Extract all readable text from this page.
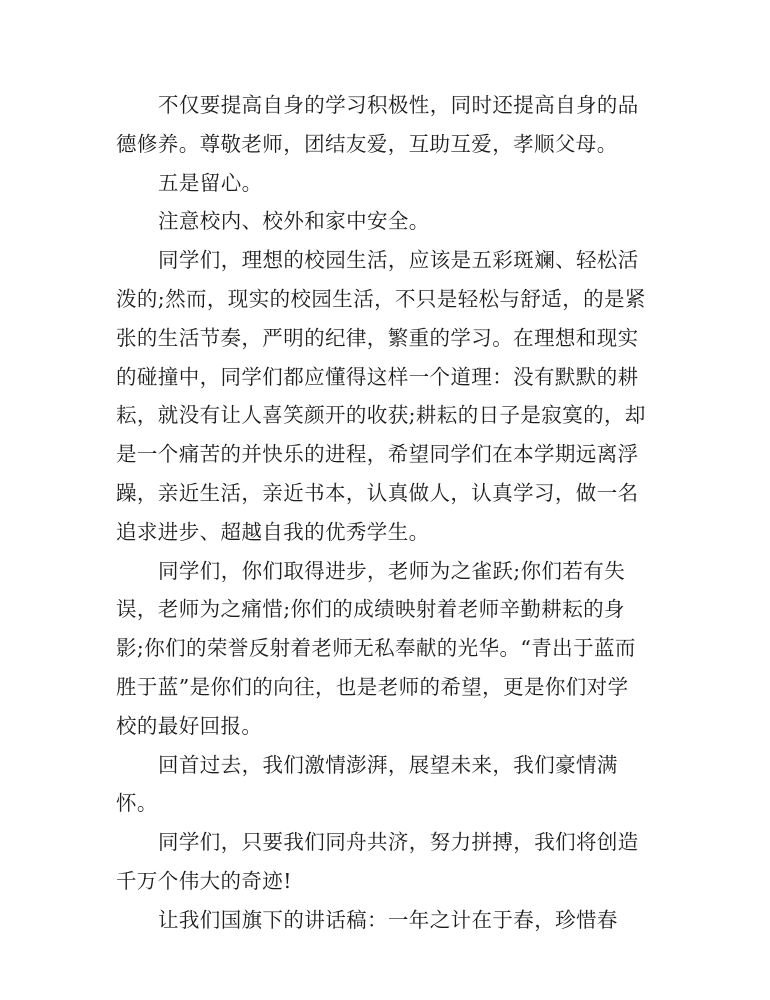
不仅要提高自身的学习积极性，同时还提高自身的品德修养。尊敬老师，团结友爱，互助互爱，孝顺父母。

五是留心。

注意校内、校外和家中安全。

同学们，理想的校园生活，应该是五彩斑斓、轻松活泼的;然而，现实的校园生活，不只是轻松与舒适，的是紧张的生活节奏，严明的纪律，繁重的学习。在理想和现实的碰撞中，同学们都应懂得这样一个道理：没有默默的耕耘，就没有让人喜笑颜开的收获;耕耘的日子是寂寞的，却是一个痛苦的并快乐的进程，希望同学们在本学期远离浮躁，亲近生活，亲近书本，认真做人，认真学习，做一名追求进步、超越自我的优秀学生。

同学们，你们取得进步，老师为之雀跃;你们若有失误，老师为之痛惜;你们的成绩映射着老师辛勤耕耘的身影;你们的荣誉反射着老师无私奉献的光华。“青出于蓝而胜于蓝”是你们的向往，也是老师的希望，更是你们对学校的最好回报。

回首过去，我们激情澎湃，展望未来，我们豪情满怀。

同学们，只要我们同舟共济，努力拼搏，我们将创造千万个伟大的奇迹!

让我们国旗下的讲话稿：一年之计在于春，珍惜春
